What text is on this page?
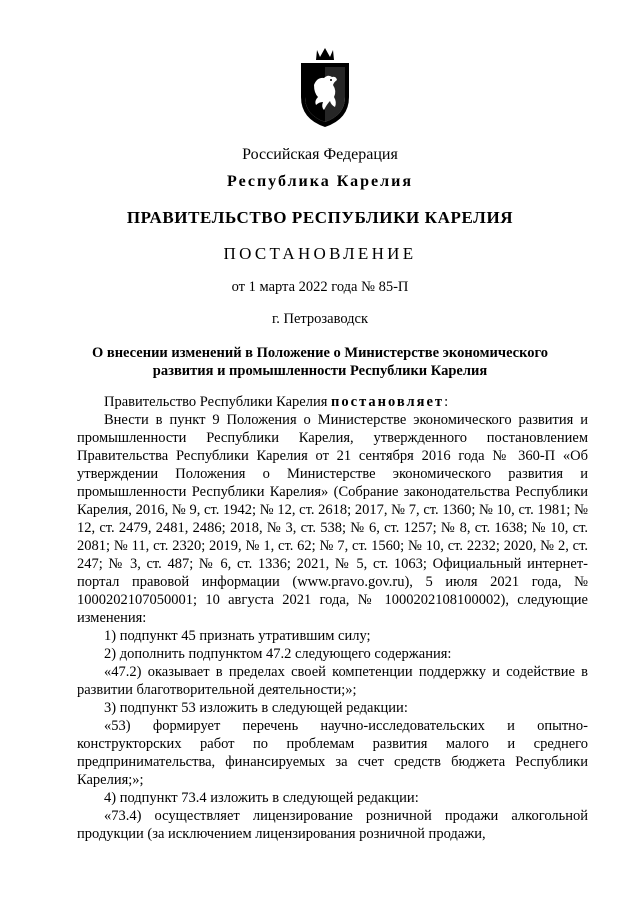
Российская Федерация
Республика Карелия
ПРАВИТЕЛЬСТВО РЕСПУБЛИКИ КАРЕЛИЯ
ПОСТАНОВЛЕНИЕ
от 1 марта 2022 года № 85-П
г. Петрозаводск
О внесении изменений в Положение о Министерстве экономического
развития и промышленности Республики Карелия

Правительство Республики Карелия постановляет:

Внести в пункт 9 Положения о Министерстве экономического развития и промышленности Республики Карелия, утвержденного постановлением Правительства Республики Карелия от 21 сентября 2016 года № 360-П «Об утверждении Положения о Министерстве экономического развития и промышленности Республики Карелия» (Собрание законодательства Республики Карелия, 2016, № 9, ст. 1942; № 12, ст. 2618; 2017, № 7, ст. 1360; № 10, ст. 1981; № 12, ст. 2479, 2481, 2486; 2018, № 3, ст. 538; № 6, ст. 1257; № 8, ст. 1638; № 10, ст. 2081; № 11, ст. 2320; 2019, № 1, ст. 62; № 7, ст. 1560; № 10, ст. 2232; 2020, № 2, ст. 247; № 3, ст. 487; № 6, ст. 1336; 2021, № 5, ст. 1063; Официальный интернет-портал правовой информации (www.pravo.gov.ru), 5 июля 2021 года, № 1000202107050001; 10 августа 2021 года, № 1000202108100002), следующие изменения:

1) подпункт 45 признать утратившим силу;

2) дополнить подпунктом 47.2 следующего содержания:

«47.2) оказывает в пределах своей компетенции поддержку и содействие в развитии благотворительной деятельности;»;

3) подпункт 53 изложить в следующей редакции:

«53) формирует перечень научно-исследовательских и опытно-конструкторских работ по проблемам развития малого и среднего предпринимательства, финансируемых за счет средств бюджета Республики Карелия;»;

4) подпункт 73.4 изложить в следующей редакции:

«73.4) осуществляет лицензирование розничной продажи алкогольной продукции (за исключением лицензирования розничной продажи,
